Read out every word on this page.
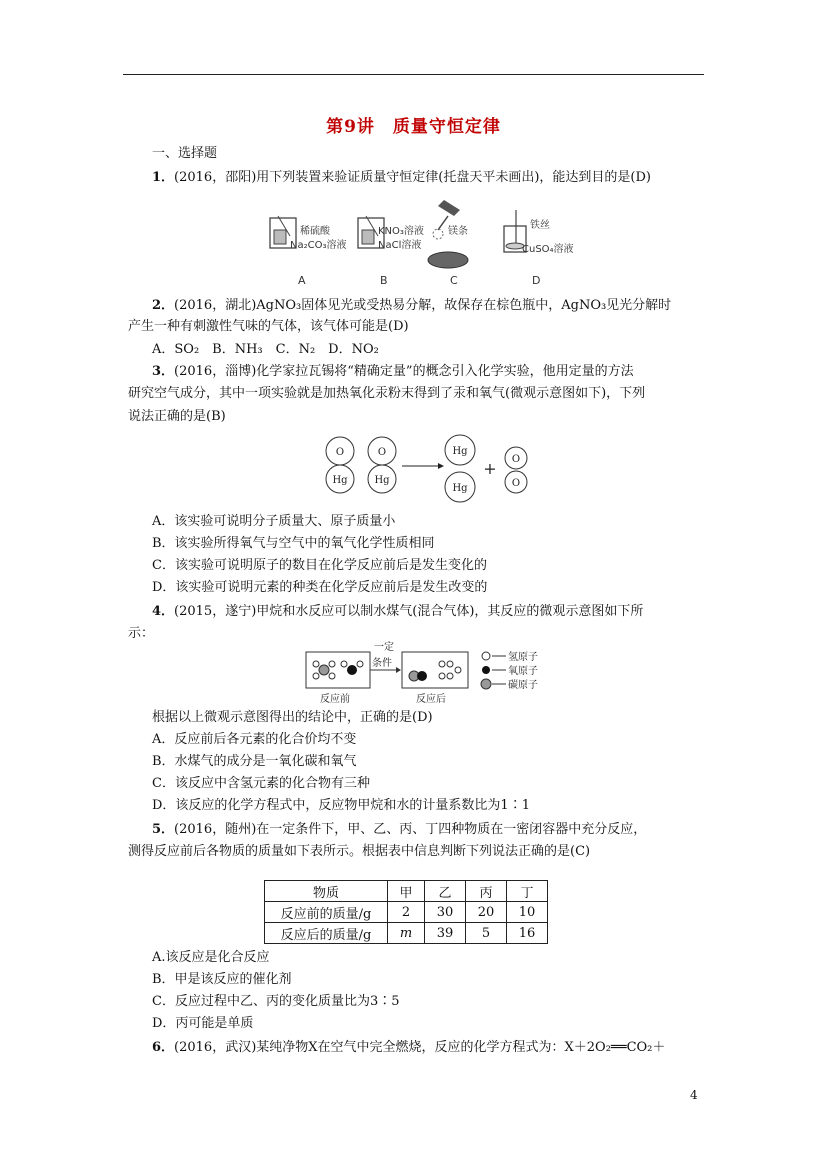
第9讲　质量守恒定律
一、选择题
1．(2016，邵阳)用下列装置来验证质量守恒定律(托盘天平未画出)，能达到目的是(D)
稀硫酸
Na₂CO₃溶液
A
KNO₃溶液
NaCl溶液
B
镁条
C
铁丝
CuSO₄溶液
D
2．(2016，湖北)AgNO₃固体见光或受热易分解，故保存在棕色瓶中，AgNO₃见光分解时
产生一种有刺激性气味的气体，该气体可能是(D)
A．SO₂　B．NH₃　C．N₂　D．NO₂
3．(2016，淄博)化学家拉瓦锡将“精确定量”的概念引入化学实验，他用定量的方法
研究空气成分，其中一项实验就是加热氧化汞粉末得到了汞和氧气(微观示意图如下)，下列
说法正确的是(B)
O
Hg
O
Hg
Hg
Hg
O
O
+
A．该实验可说明分子质量大、原子质量小
B．该实验所得氧气与空气中的氧气化学性质相同
C．该实验可说明原子的数目在化学反应前后是发生变化的
D．该实验可说明元素的种类在化学反应前后是发生改变的
4．(2015，遂宁)甲烷和水反应可以制水煤气(混合气体)，其反应的微观示意图如下所
示：
一定
条件
反应前	反应后
氢原子
氧原子
碳原子
根据以上微观示意图得出的结论中，正确的是(D)
A．反应前后各元素的化合价均不变
B．水煤气的成分是一氧化碳和氧气
C．该反应中含氢元素的化合物有三种
D．该反应的化学方程式中，反应物甲烷和水的计量系数比为1∶1
5．(2016，随州)在一定条件下，甲、乙、丙、丁四种物质在一密闭容器中充分反应，
测得反应前后各物质的质量如下表所示。根据表中信息判断下列说法正确的是(C)
物质	甲	乙	丙	丁
反应前的质量/g	2	30	20	10
反应后的质量/g	m	39	5	16
A.该反应是化合反应
B．甲是该反应的催化剂
C．反应过程中乙、丙的变化质量比为3∶5
D．丙可能是单质
6．(2016，武汉)某纯净物X在空气中完全燃烧，反应的化学方程式为：X＋2O₂══CO₂＋
4
